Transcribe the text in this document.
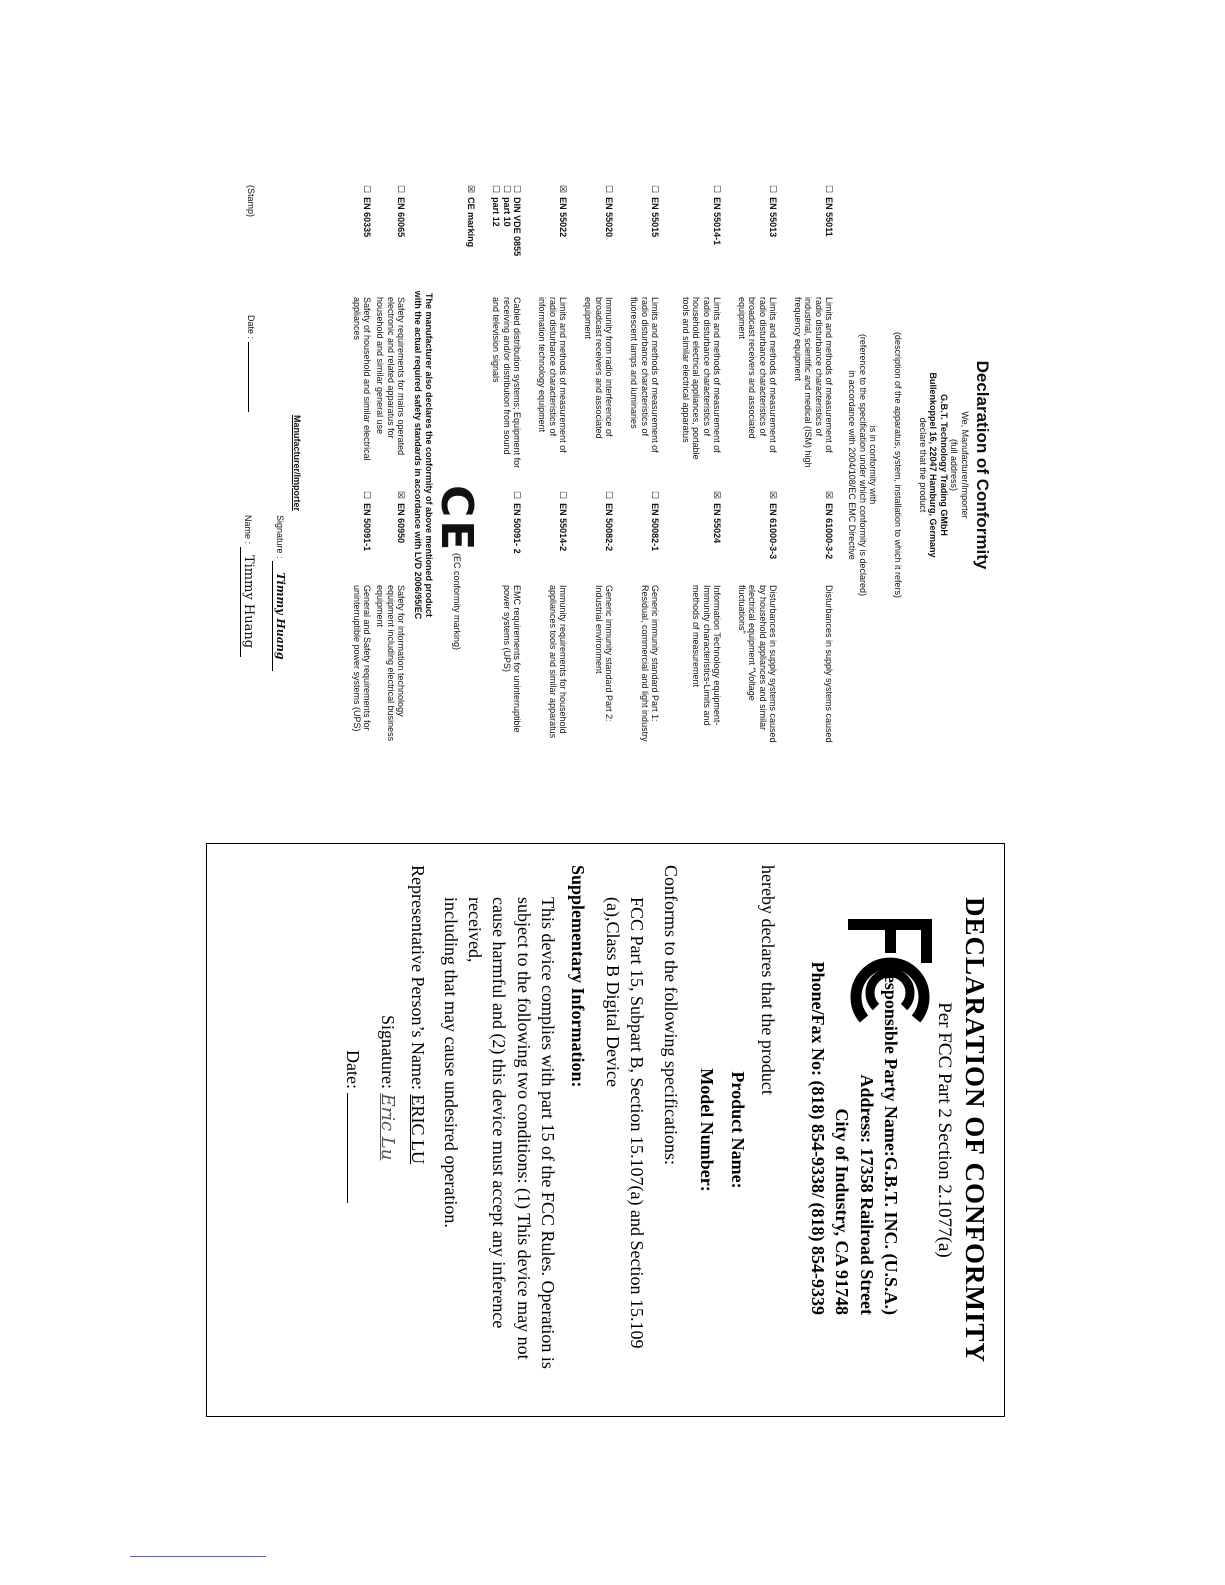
Declaration of Conformity
We, Manufacturer/Importer
(full address)
G.B.T. Technology Trading GMbH
Bullenkoppel 16, 22047 Hamburg, Germany
declare that the product
(description of the apparatus, system, installation to which it refers)
is in conformity with
(reference to the specification under which conformity is declared)
in accordance with 2004/108/EC EMC Directive
☐EN 55011
Limits and methods of measurement of radio disturbance characteristics of industrial, scientific and medical (ISM) high frequency equipment
☒EN 61000-3-2
Disturbances in supply systems caused
☐EN 55013
Limits and methods of measurement of radio disturbance characteristics of broadcast receivers and associated equipment
☒EN 61000-3-3
Disturbances in supply systems caused by household appliances and similar electrical equipment "Voltage fluctuations"
☐EN 55014-1
Limits and methods of measurement of radio disturbance characteristics of household electrical appliances, portable tools and similar electrical apparatus
☒EN 55024
Information Technology equipment-Immunity characteristics-Limits and methods of measurement
☐EN 55015
Limits and methods of measurement of radio disturbance characteristics of fluorescent lamps and luminaries
☐EN 50082-1
Generic immunity standard Part 1: Residual, commercial and light industry
☐EN 55020
Immunity from radio interference of broadcast receivers and associated equipment
☐EN 50082-2
Generic immunity standard Part 2: Industrial environment
☒EN 55022
Limits and methods of measurement of radio disturbance characteristics of information technology equipment
☐EN 55014-2
Immunity requirements for household appliances tools and similar apparatus
☐DIN VDE 0855
☐part 10
☐part 12
Cabled distribution systems; Equipment for receiving and/or distribution from sound and television signals
☐EN 50091- 2
EMC requirements for uninterruptible power systems (UPS)
☒CE marking
CE
(EC conformity marking)
The manufacturer also declares the conformity of above mentioned product
with the actual required safety standards in accordance with LVD 2006/95/EC
☐EN 60065
Safety requirements for mains operated electronic and related apparatus for household and similar general use
☒EN 60950
Safety for information technology equipment including electrical business equipment
☐EN 60335
Safety of household and similar electrical appliances
☐EN 50091-1
General and Safety requirements for uninterruptible power systems (UPS)
Manufacturer/Importer
Signature : Timmy Huang
(Stamp)
Date :
Name : Timmy Huang
DECLARATION OF CONFORMITY
Per FCC Part 2 Section 2.1077(a)
Responsible Party Name:G.B.T. INC. (U.S.A.)
Address: 17358 Railroad Street
City of Industry, CA 91748
Phone/Fax No: (818) 854-9338/ (818) 854-9339
hereby declares that the product
Product Name:
Model Number:
Conforms to the following specifications:
FCC Part 15, Subpart B, Section 15.107(a) and Section 15.109
(a),Class B Digital Device
Supplementary Information:
This device complies with part 15 of the FCC Rules. Operation is
subject to the following two conditions: (1) This device may not
cause harmful and (2) this device must accept any inference received,
including that may cause undesired operation.
Representative Person’s Name: ERIC LU
Signature: Eric Lu
Date:
